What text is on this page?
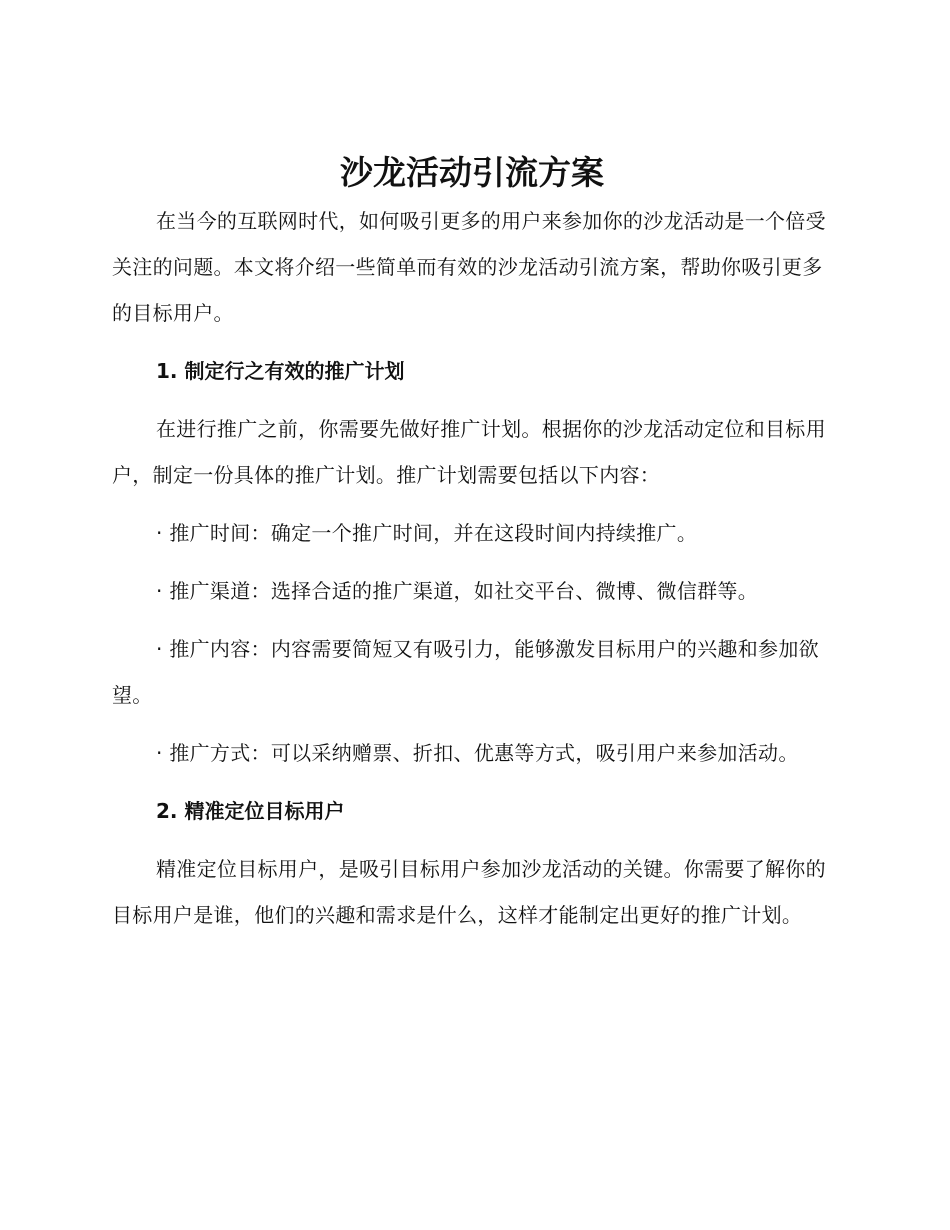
沙龙活动引流方案

在当今的互联网时代，如何吸引更多的用户来参加你的沙龙活动是一个倍受关注的问题。本文将介绍一些简单而有效的沙龙活动引流方案，帮助你吸引更多的目标用户。

1. 制定行之有效的推广计划

在进行推广之前，你需要先做好推广计划。根据你的沙龙活动定位和目标用户，制定一份具体的推广计划。推广计划需要包括以下内容：

· 推广时间：确定一个推广时间，并在这段时间内持续推广。

· 推广渠道：选择合适的推广渠道，如社交平台、微博、微信群等。

· 推广内容：内容需要简短又有吸引力，能够激发目标用户的兴趣和参加欲望。

· 推广方式：可以采纳赠票、折扣、优惠等方式，吸引用户来参加活动。

2. 精准定位目标用户

精准定位目标用户，是吸引目标用户参加沙龙活动的关键。你需要了解你的目标用户是谁，他们的兴趣和需求是什么，这样才能制定出更好的推广计划。
